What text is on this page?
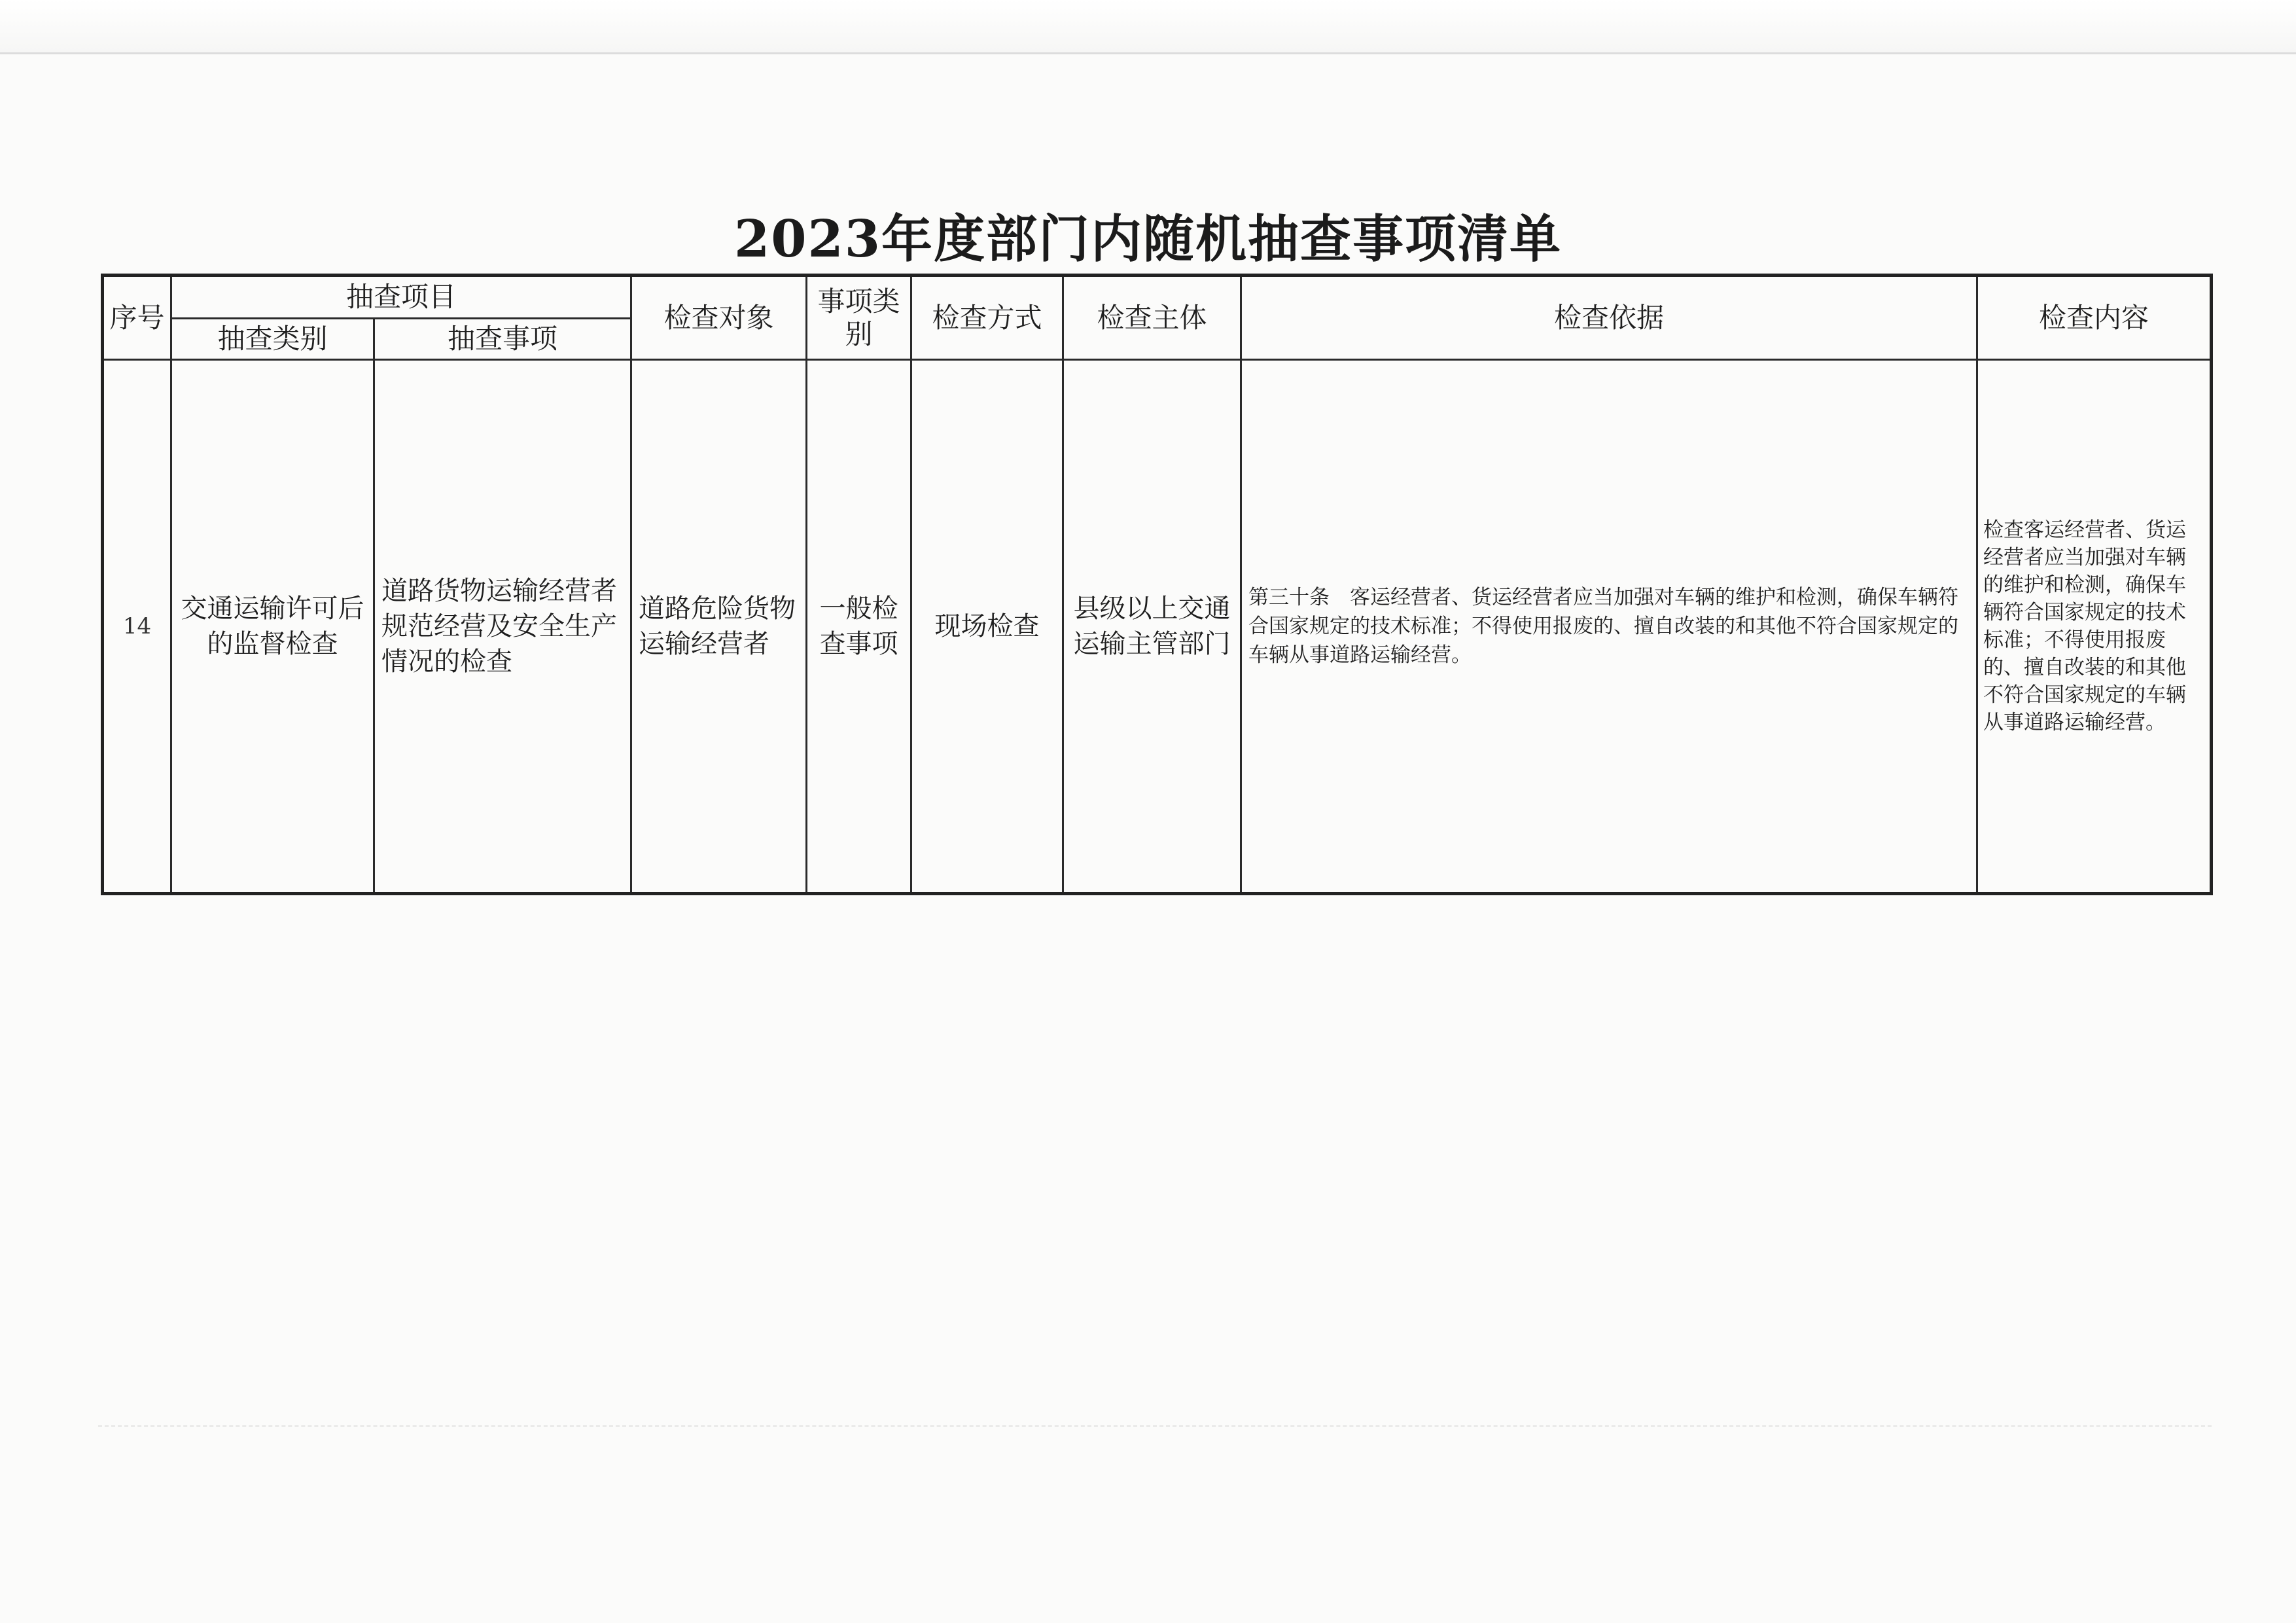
2023年度部门内随机抽查事项清单
序号	抽查项目		检查对象	事项类别	检查方式	检查主体	检查依据	检查内容
	抽查类别	抽查事项						
14	交通运输许可后的监督检查	道路货物运输经营者规范经营及安全生产情况的检查	道路危险货物运输经营者	一般检查事项	现场检查	县级以上交通运输主管部门	第三十条　客运经营者、货运经营者应当加强对车辆的维护和检测，确保车辆符合国家规定的技术标准；不得使用报废的、擅自改装的和其他不符合国家规定的车辆从事道路运输经营。	检查客运经营者、货运经营者应当加强对车辆的维护和检测，确保车辆符合国家规定的技术标准；不得使用报废的、擅自改装的和其他不符合国家规定的车辆从事道路运输经营。
